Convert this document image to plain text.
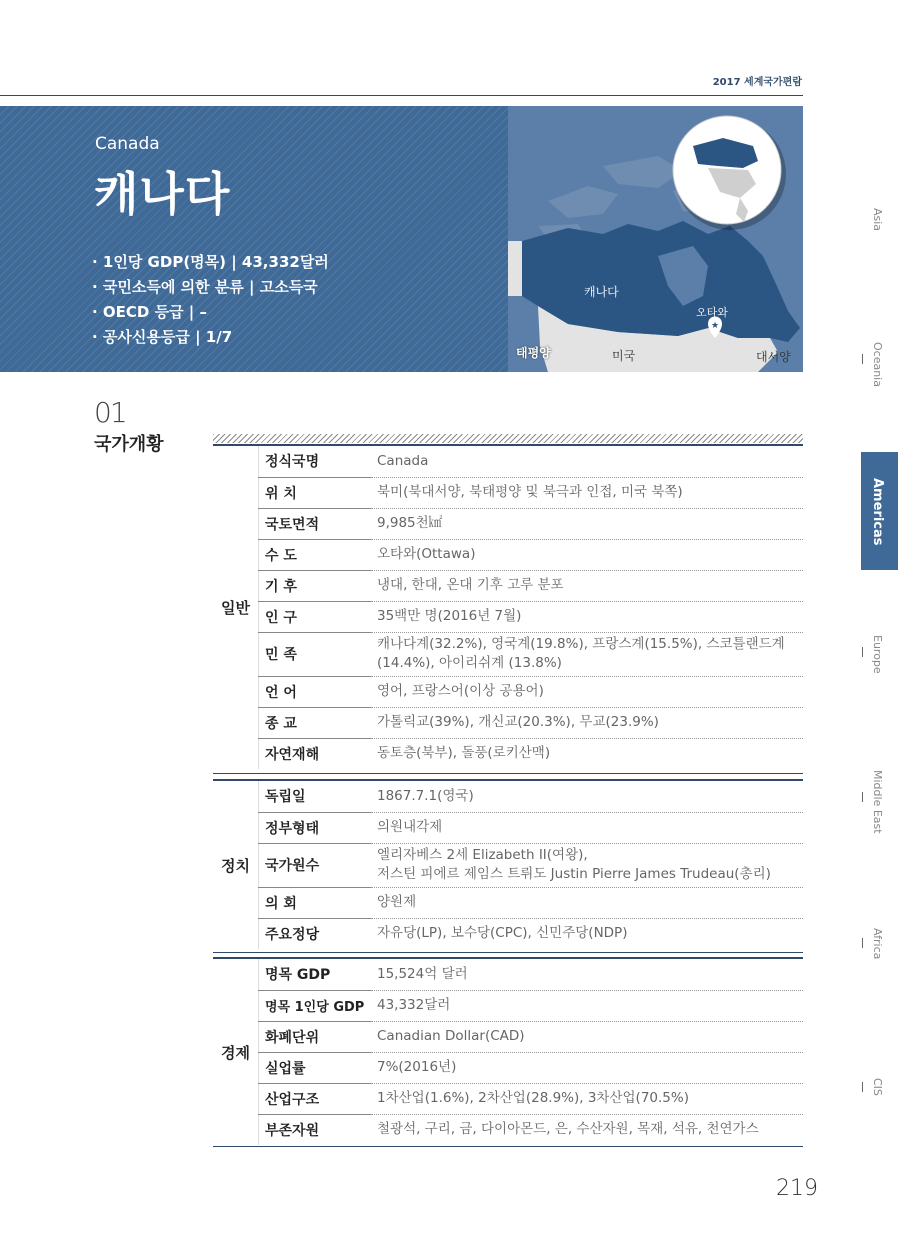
2017 세계국가편람
Canada
캐나다
· 1인당 GDP(명목) | 43,332달러
· 국민소득에 의한 분류 | 고소득국
· OECD 등급 | –
· 공사신용등급 | 1/7
★
캐나다
오타와
태평양	미국	대서양
01
국가개황
일반	정식국명	Canada
	위 치	북미(북대서양, 북태평양 및 북극과 인접, 미국 북쪽)
	국토면적	9,985천㎢
	수 도	오타와(Ottawa)
	기 후	냉대, 한대, 온대 기후 고루 분포
	인 구	35백만 명(2016년 7월)
	민 족	캐나다계(32.2%), 영국계(19.8%), 프랑스계(15.5%), 스코틀랜드계 (14.4%), 아이리쉬계 (13.8%)
	언 어	영어, 프랑스어(이상 공용어)
	종 교	가톨릭교(39%), 개신교(20.3%), 무교(23.9%)
	자연재해	동토층(북부), 돌풍(로키산맥)
정치	독립일	1867.7.1(영국)
	정부형태	의원내각제
	국가원수	엘리자베스 2세 Elizabeth II(여왕),
저스틴 피에르 제임스 트뤼도 Justin Pierre James Trudeau(총리)

	의 회	양원제
	주요정당	자유당(LP), 보수당(CPC), 신민주당(NDP)
경제	명목 GDP	15,524억 달러
	명목 1인당 GDP	43,332달러
	화폐단위	Canadian Dollar(CAD)
	실업률	7%(2016년)
	산업구조	1차산업(1.6%), 2차산업(28.9%), 3차산업(70.5%)
	부존자원	철광석, 구리, 금, 다이아몬드, 은, 수산자원, 목재, 석유, 천연가스
Asia
Oceania
Americas
Europe
Middle East
Africa
CIS
219
